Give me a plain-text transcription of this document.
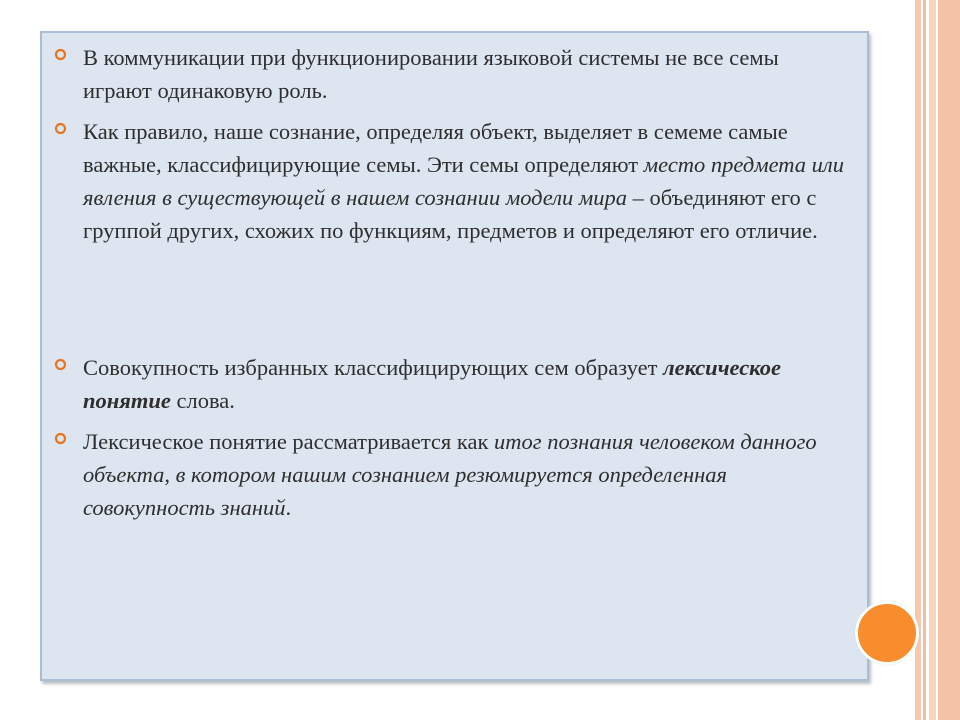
В коммуникации при функционировании языковой системы не все семы играют одинаковую роль.
Как правило, наше сознание, определяя объект, выделяет в семеме самые важные, классифицирующие семы. Эти семы определяют место предмета или явления в существующей в нашем сознании модели мира – объединяют его с группой других, схожих по функциям, предметов и определяют его отличие.
Совокупность избранных классифицирующих сем образует лексическое понятие слова.
Лексическое понятие рассматривается как итог познания человеком данного объекта, в котором нашим сознанием резюмируется определенная совокупность знаний.
